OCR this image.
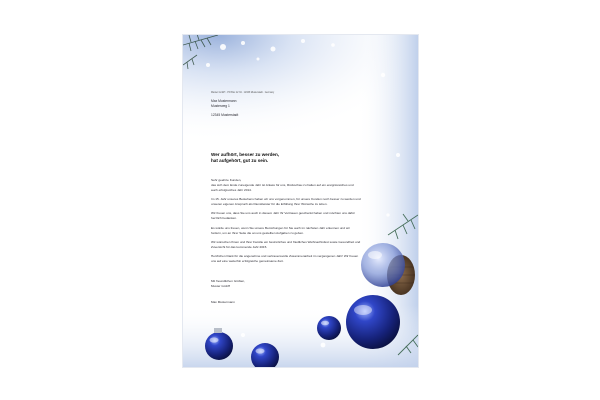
Muster GmbH · PO Box 12 34 · 12345 Musterstadt · Germany
Max Mustermann
Musterweg 1
12345 Musterstadt
Wer aufhört, besser zu werden,
hat aufgehört, gut zu sein.
Sehr geehrte Kunden,
das sich dem Ende zuneigende Jahr ist Anlass für uns, Rückschau zu halten auf ein ereignisreiches und auch erfolgreiches Jahr 2014.
Im 15. Jahr unseres Bestehens haben wir uns vorgenommen, für unsere Kunden noch besser zu werden und unseren eigenen Anspruch als Dienstleister für die Erfüllung Ihrer Wünsche zu leben.
Wir freuen uns, dass Sie uns auch in diesem Jahr Ihr Vertrauen geschenkt haben und möchten uns dafür herzlich bedanken.
Es würde uns freuen, wenn Sie unsere Bemühungen für Sie auch im nächsten Jahr erkennen und wir fordern, um an Ihrer Seite die an uns gestellten Aufgaben zu geben.
Wir wünschen Ihnen und Ihrer Familie ein besinnliches und friedliches Weihnachtsfest sowie Gesundheit und Zuversicht für das kommende Jahr 2015.
Herzlichen Dank für die angenehme und vertrauensvolle Zusammenarbeit im vergangenen Jahr! Wir freuen uns auf eine weiterhin erfolgreiche gemeinsame Zeit.
Mit freundlichen Grüßen,
Muster GmbH
Max Mustermann
